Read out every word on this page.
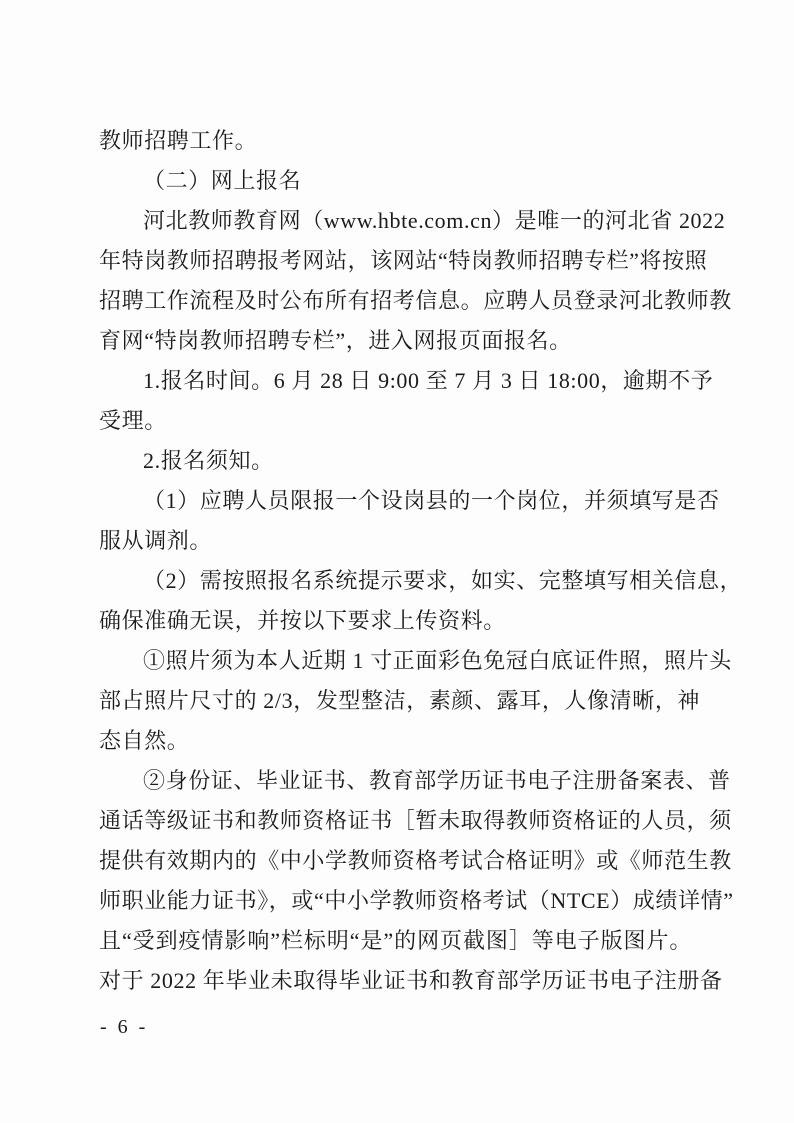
教师招聘工作。
（二）网上报名
河北教师教育网（www.hbte.com.cn）是唯一的河北省 2022
年特岗教师招聘报考网站，该网站“特岗教师招聘专栏”将按照
招聘工作流程及时公布所有招考信息。应聘人员登录河北教师教
育网“特岗教师招聘专栏”，进入网报页面报名。
1.报名时间。6 月 28 日 9:00 至 7 月 3 日 18:00，逾期不予
受理。
2.报名须知。
（1）应聘人员限报一个设岗县的一个岗位，并须填写是否
服从调剂。
（2）需按照报名系统提示要求，如实、完整填写相关信息，
确保准确无误，并按以下要求上传资料。
①照片须为本人近期 1 寸正面彩色免冠白底证件照，照片头
部占照片尺寸的 2/3，发型整洁，素颜、露耳，人像清晰，神
态自然。
②身份证、毕业证书、教育部学历证书电子注册备案表、普
通话等级证书和教师资格证书［暂未取得教师资格证的人员，须
提供有效期内的《中小学教师资格考试合格证明》或《师范生教
师职业能力证书》，或“中小学教师资格考试（NTCE）成绩详情”
且“受到疫情影响”栏标明“是”的网页截图］等电子版图片。
对于 2022 年毕业未取得毕业证书和教育部学历证书电子注册备
- 6 -
